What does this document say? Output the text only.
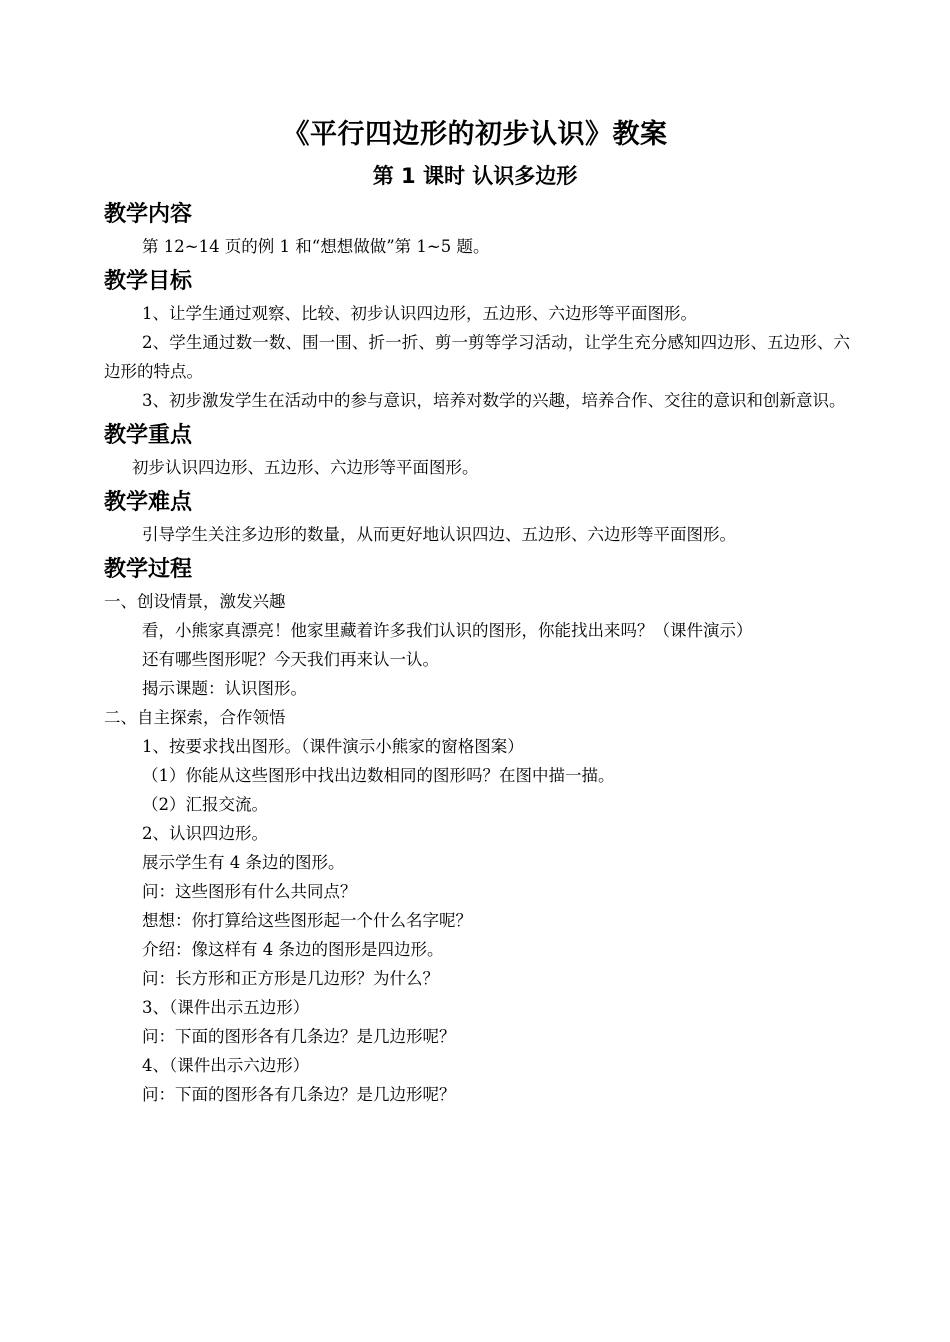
《平行四边形的初步认识》教案
第 1 课时 认识多边形
教学内容
第 12~14 页的例 1 和“想想做做”第 1~5 题。
教学目标
1、让学生通过观察、比较、初步认识四边形，五边形、六边形等平面图形。
2、学生通过数一数、围一围、折一折、剪一剪等学习活动，让学生充分感知四边形、五边形、六边形的特点。
3、初步激发学生在活动中的参与意识，培养对数学的兴趣，培养合作、交往的意识和创新意识。
教学重点
初步认识四边形、五边形、六边形等平面图形。
教学难点
引导学生关注多边形的数量，从而更好地认识四边、五边形、六边形等平面图形。
教学过程
一、创设情景，激发兴趣
看，小熊家真漂亮！他家里藏着许多我们认识的图形，你能找出来吗？（课件演示）
还有哪些图形呢？今天我们再来认一认。
揭示课题：认识图形。
二、自主探索，合作领悟
1、按要求找出图形。（课件演示小熊家的窗格图案）
（1）你能从这些图形中找出边数相同的图形吗？在图中描一描。
（2）汇报交流。
2、认识四边形。
展示学生有 4 条边的图形。
问：这些图形有什么共同点？
想想：你打算给这些图形起一个什么名字呢？
介绍：像这样有 4 条边的图形是四边形。
问：长方形和正方形是几边形？为什么？
3、（课件出示五边形）
问：下面的图形各有几条边？是几边形呢？
4、（课件出示六边形）
问：下面的图形各有几条边？是几边形呢？
